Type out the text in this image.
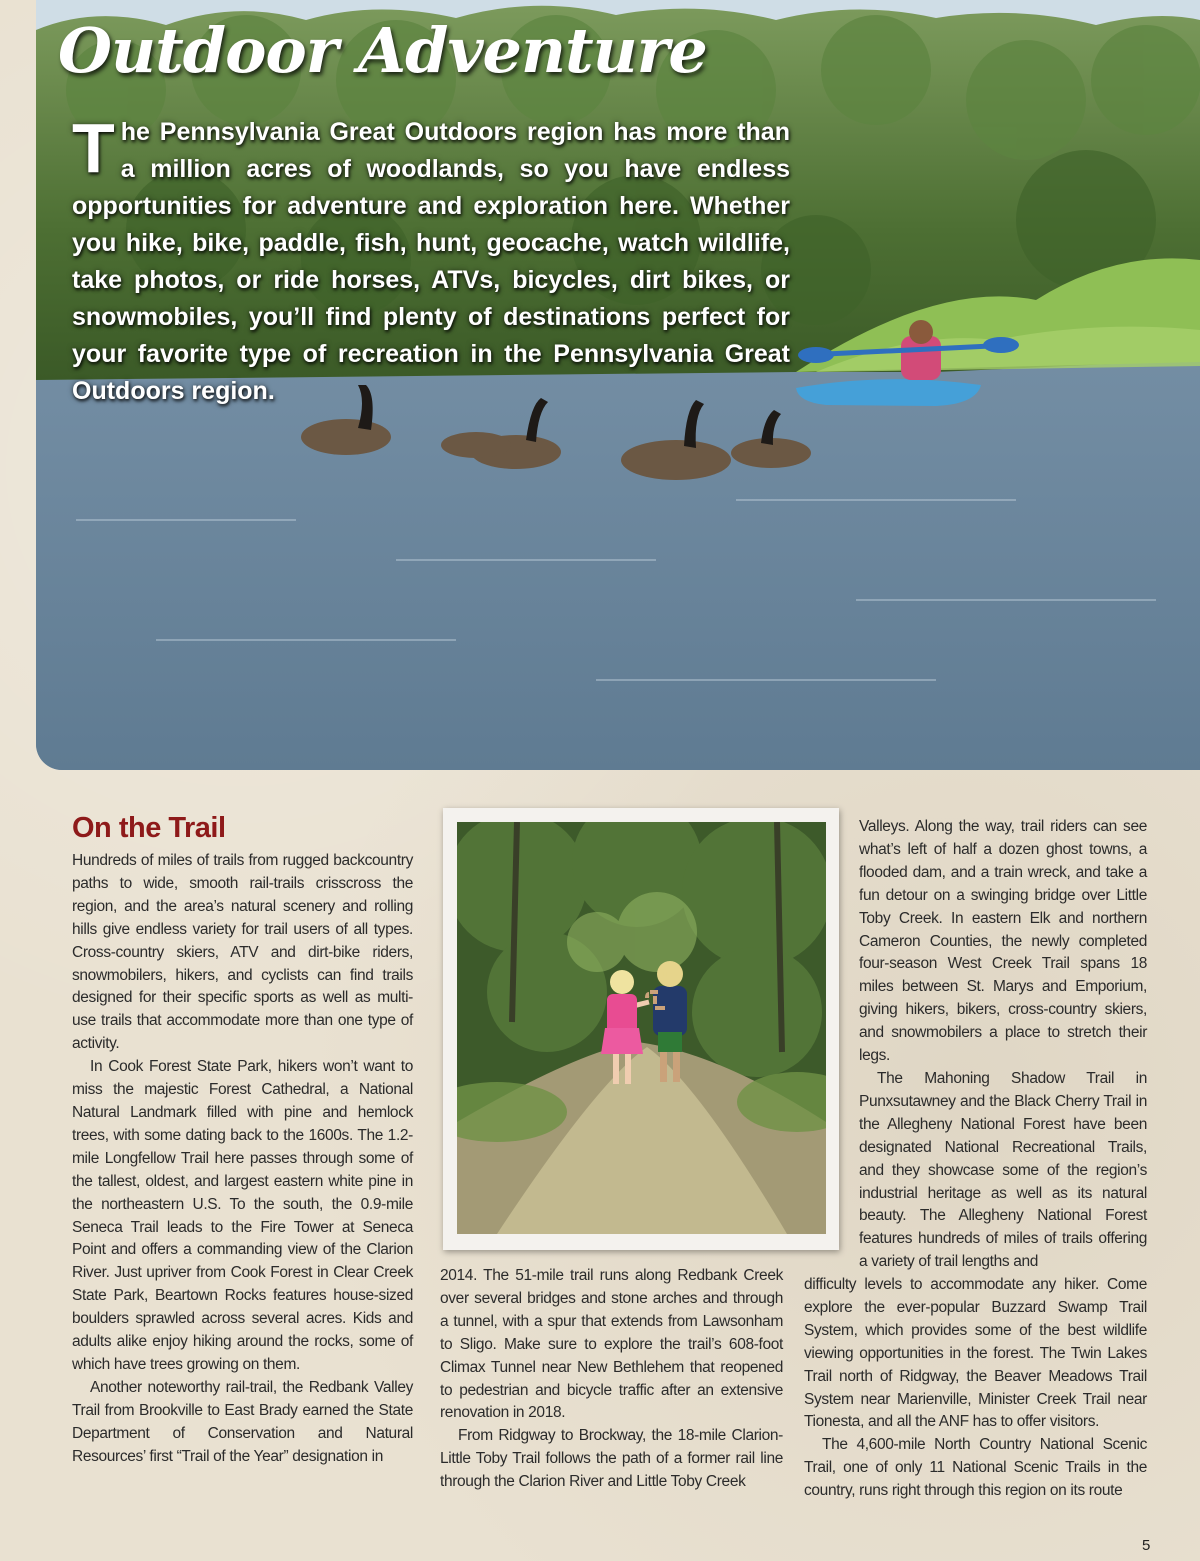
Outdoor Adventure

The Pennsylvania Great Outdoors region has more than a million acres of woodlands, so you have endless opportunities for adventure and exploration here. Whether you hike, bike, paddle, fish, hunt, geocache, watch wildlife, take photos, or ride horses, ATVs, bicycles, dirt bikes, or snowmobiles, you’ll find plenty of destinations perfect for your favorite type of recreation in the Pennsylvania Great Outdoors region.

On the Trail

Hundreds of miles of trails from rugged backcountry paths to wide, smooth rail-trails crisscross the region, and the area’s natural scenery and rolling hills give endless variety for trail users of all types. Cross-country skiers, ATV and dirt-bike riders, snowmobilers, hikers, and cyclists can find trails designed for their specific sports as well as multi-use trails that accommodate more than one type of activity.

In Cook Forest State Park, hikers won’t want to miss the majestic Forest Cathedral, a National Natural Landmark filled with pine and hemlock trees, with some dating back to the 1600s. The 1.2-mile Longfellow Trail here passes through some of the tallest, oldest, and largest eastern white pine in the northeastern U.S. To the south, the 0.9-mile Seneca Trail leads to the Fire Tower at Seneca Point and offers a commanding view of the Clarion River. Just upriver from Cook Forest in Clear Creek State Park, Beartown Rocks features house-sized boulders sprawled across several acres. Kids and adults alike enjoy hiking around the rocks, some of which have trees growing on them.

Another noteworthy rail-trail, the Redbank Valley Trail from Brookville to East Brady earned the State Department of Conservation and Natural Resources’ first “Trail of the Year” designation in

2014. The 51-mile trail runs along Redbank Creek over several bridges and stone arches and through a tunnel, with a spur that extends from Lawsonham to Sligo. Make sure to explore the trail’s 608-foot Climax Tunnel near New Bethlehem that reopened to pedestrian and bicycle traffic after an extensive renovation in 2018.

From Ridgway to Brockway, the 18-mile Clarion-Little Toby Trail follows the path of a former rail line through the Clarion River and Little Toby Creek

Valleys. Along the way, trail riders can see what’s left of half a dozen ghost towns, a flooded dam, and a train wreck, and take a fun detour on a swinging bridge over Little Toby Creek. In eastern Elk and northern Cameron Counties, the newly completed four-season West Creek Trail spans 18 miles between St. Marys and Emporium, giving hikers, bikers, cross-country skiers, and snowmobilers a place to stretch their legs.

The Mahoning Shadow Trail in Punxsutawney and the Black Cherry Trail in the Allegheny National Forest have been designated National Recreational Trails, and they showcase some of the region’s industrial heritage as well as its natural beauty. The Allegheny National Forest features hundreds of miles of trails offering a variety of trail lengths and

difficulty levels to accommodate any hiker. Come explore the ever-popular Buzzard Swamp Trail System, which provides some of the best wildlife viewing opportunities in the forest. The Twin Lakes Trail north of Ridgway, the Beaver Meadows Trail System near Marienville, Minister Creek Trail near Tionesta, and all the ANF has to offer visitors.

The 4,600-mile North Country National Scenic Trail, one of only 11 National Scenic Trails in the country, runs right through this region on its route

5
